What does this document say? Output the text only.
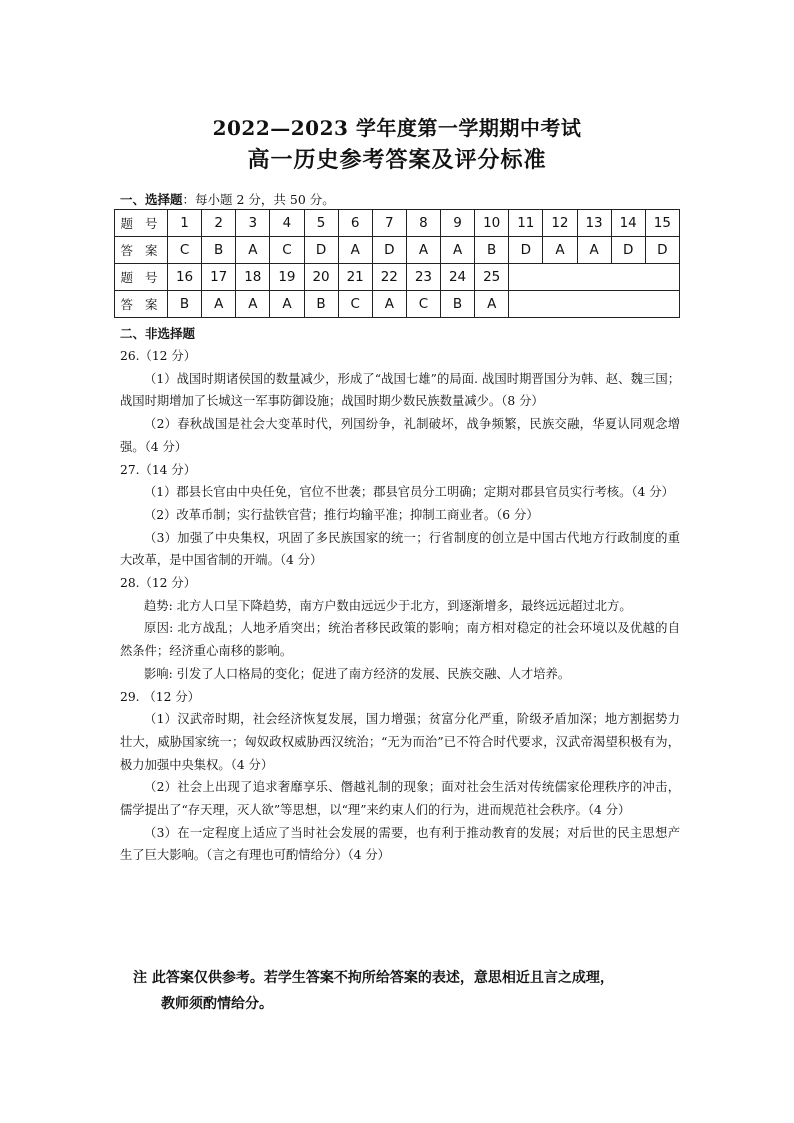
2022—2023 学年度第一学期期中考试
高一历史参考答案及评分标准
一、选择题：每小题 2 分，共 50 分。
题 号	1	2	3	4	5	6	7	8	9	10	11	12	13	14	15
答 案	C	B	A	C	D	A	D	A	A	B	D	A	A	D	D
题 号	16	17	18	19	20	21	22	23	24	25					
答 案	B	A	A	A	B	C	A	C	B	A					
二、非选择题

26.（12 分）

（1）战国时期诸侯国的数量减少，形成了“战国七雄”的局面. 战国时期晋国分为韩、赵、魏三国；战国时期增加了长城这一军事防御设施；战国时期少数民族数量减少。（8 分）

（2）春秋战国是社会大变革时代，列国纷争，礼制破坏，战争频繁，民族交融，华夏认同观念增强。（4 分）

27.（14 分）

（1）郡县长官由中央任免，官位不世袭；郡县官员分工明确；定期对郡县官员实行考核。（4 分）

（2）改革币制；实行盐铁官营；推行均输平准；抑制工商业者。（6 分）

（3）加强了中央集权，巩固了多民族国家的统一；行省制度的创立是中国古代地方行政制度的重大改革，是中国省制的开端。（4 分）

28.（12 分）

趋势: 北方人口呈下降趋势，南方户数由远远少于北方，到逐渐增多，最终远远超过北方。

原因: 北方战乱；人地矛盾突出；统治者移民政策的影响；南方相对稳定的社会环境以及优越的自然条件；经济重心南移的影响。

影响: 引发了人口格局的变化；促进了南方经济的发展、民族交融、人才培养。

29. （12 分）

（1）汉武帝时期，社会经济恢复发展，国力增强；贫富分化严重，阶级矛盾加深；地方割据势力壮大，威胁国家统一；匈奴政权威胁西汉统治；“无为而治”已不符合时代要求，汉武帝渴望积极有为，极力加强中央集权。（4 分）

（2）社会上出现了追求奢靡享乐、僭越礼制的现象；面对社会生活对传统儒家伦理秩序的冲击，儒学提出了“存天理，灭人欲”等思想，以“理”来约束人们的行为，进而规范社会秩序。（4 分）

（3）在一定程度上适应了当时社会发展的需要，也有利于推动教育的发展；对后世的民主思想产生了巨大影响。（言之有理也可酌情给分）（4 分）

注 此答案仅供参考。若学生答案不拘所给答案的表述，意思相近且言之成理，
教师须酌情给分。
